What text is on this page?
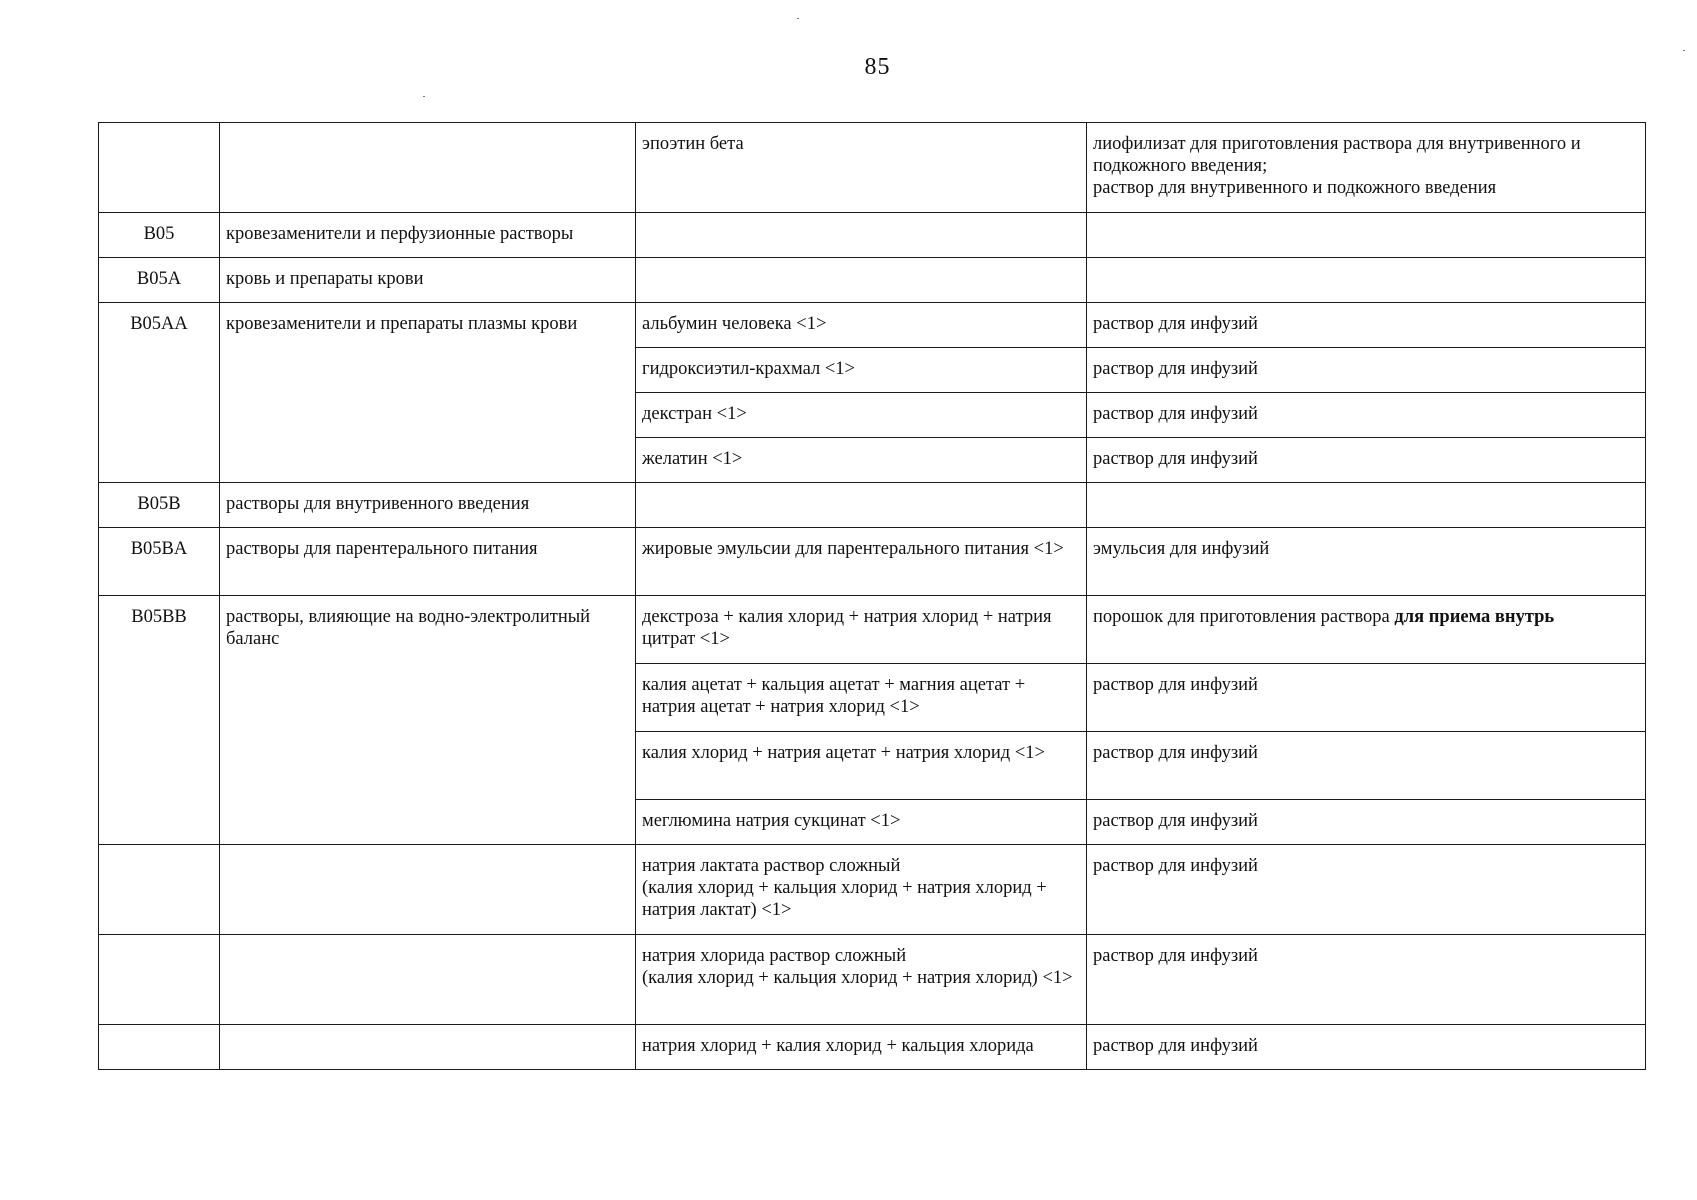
85
		эпоэтин бета	лиофилизат для приготовления раствора для внутривенного и подкожного введения;
раствор для внутривенного и подкожного введения
B05	кровезаменители и перфузионные растворы		
B05A	кровь и препараты крови		
B05AA	кровезаменители и препараты плазмы крови	альбумин человека <1>	раствор для инфузий
		гидроксиэтил-крахмал <1>	раствор для инфузий
		декстран <1>	раствор для инфузий
		желатин <1>	раствор для инфузий
B05B	растворы для внутривенного введения		
B05BA	растворы для парентерального питания	жировые эмульсии для парентерального питания <1>	эмульсия для инфузий
B05BB	растворы, влияющие на водно-электролитный баланс	декстроза + калия хлорид + натрия хлорид + натрия цитрат <1>	порошок для приготовления раствора для приема внутрь
		калия ацетат + кальция ацетат + магния ацетат + натрия ацетат + натрия хлорид <1>	раствор для инфузий
		калия хлорид + натрия ацетат + натрия хлорид <1>	раствор для инфузий
		меглюмина натрия сукцинат <1>	раствор для инфузий
		натрия лактата раствор сложный
(калия хлорид + кальция хлорид + натрия хлорид + натрия лактат) <1>	раствор для инфузий
		натрия хлорида раствор сложный
(калия хлорид + кальция хлорид + натрия хлорид) <1>	раствор для инфузий
		натрия хлорид + калия хлорид + кальция хлорида	раствор для инфузий
